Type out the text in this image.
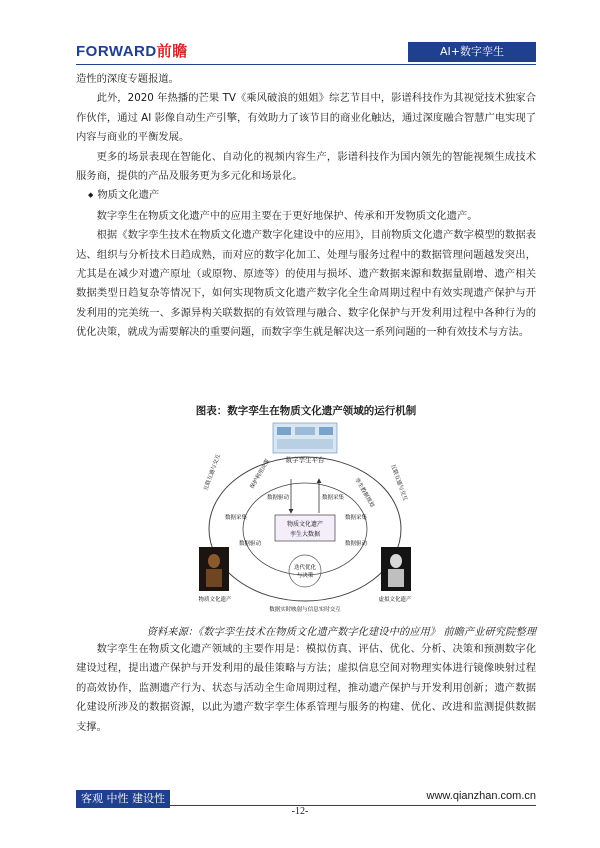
FORWARD前瞻	AI+数字孪生

造性的深度专题报道。

此外，2020 年热播的芒果 TV《乘风破浪的姐姐》综艺节目中，影谱科技作为其视觉技术独家合作伙伴，通过 AI 影像自动生产引擎，有效助力了该节目的商业化触达，通过深度融合智慧广电实现了内容与商业的平衡发展。

更多的场景表现在智能化、自动化的视频内容生产，影谱科技作为国内领先的智能视频生成技术服务商，提供的产品及服务更为多元化和场景化。

◆ 物质文化遗产

数字孪生在物质文化遗产中的应用主要在于更好地保护、传承和开发物质文化遗产。

根据《数字孪生技术在物质文化遗产数字化建设中的应用》，目前物质文化遗产数字模型的数据表达、组织与分析技术日趋成熟，而对应的数字化加工、处理与服务过程中的数据管理问题越发突出，尤其是在减少对遗产原址（或原物、原迹等）的使用与损坏、遗产数据来源和数据量剧增、遗产相关数据类型日趋复杂等情况下，如何实现物质文化遗产数字化全生命周期过程中有效实现遗产保护与开发利用的完美统一、多源异构关联数据的有效管理与融合、数字化保护与开发利用过程中各种行为的优化决策，就成为需要解决的重要问题，而数字孪生就是解决这一系列问题的一种有效技术与方法。

图表：数字孪生在物质文化遗产领域的运行机制
数字孪生平台
物质文化遗产
孪生大数据
数据驱动	数据采集
数据采集
数据驱动
数据采集
数据驱动
保护利用决策
孪生数据规划
互联互通与交互	互联互通与交互
迭代优化
与决策
物质文化遗产	虚拟文化遗产
数据实时映射与信息实时交互
资料来源：《数字孪生技术在物质文化遗产数字化建设中的应用》 前瞻产业研究院整理

数字孪生在物质文化遗产领域的主要作用是：模拟仿真、评估、优化、分析、决策和预测数字化建设过程，提出遗产保护与开发利用的最佳策略与方法；虚拟信息空间对物理实体进行镜像映射过程的高效协作，监测遗产行为、状态与活动全生命周期过程，推动遗产保护与开发利用创新；遗产数据化建设所涉及的数据资源，以此为遗产数字孪生体系管理与服务的构建、优化、改进和监测提供数据支撑。

客观 中性 建设性	www.qianzhan.com.cn
-12-
